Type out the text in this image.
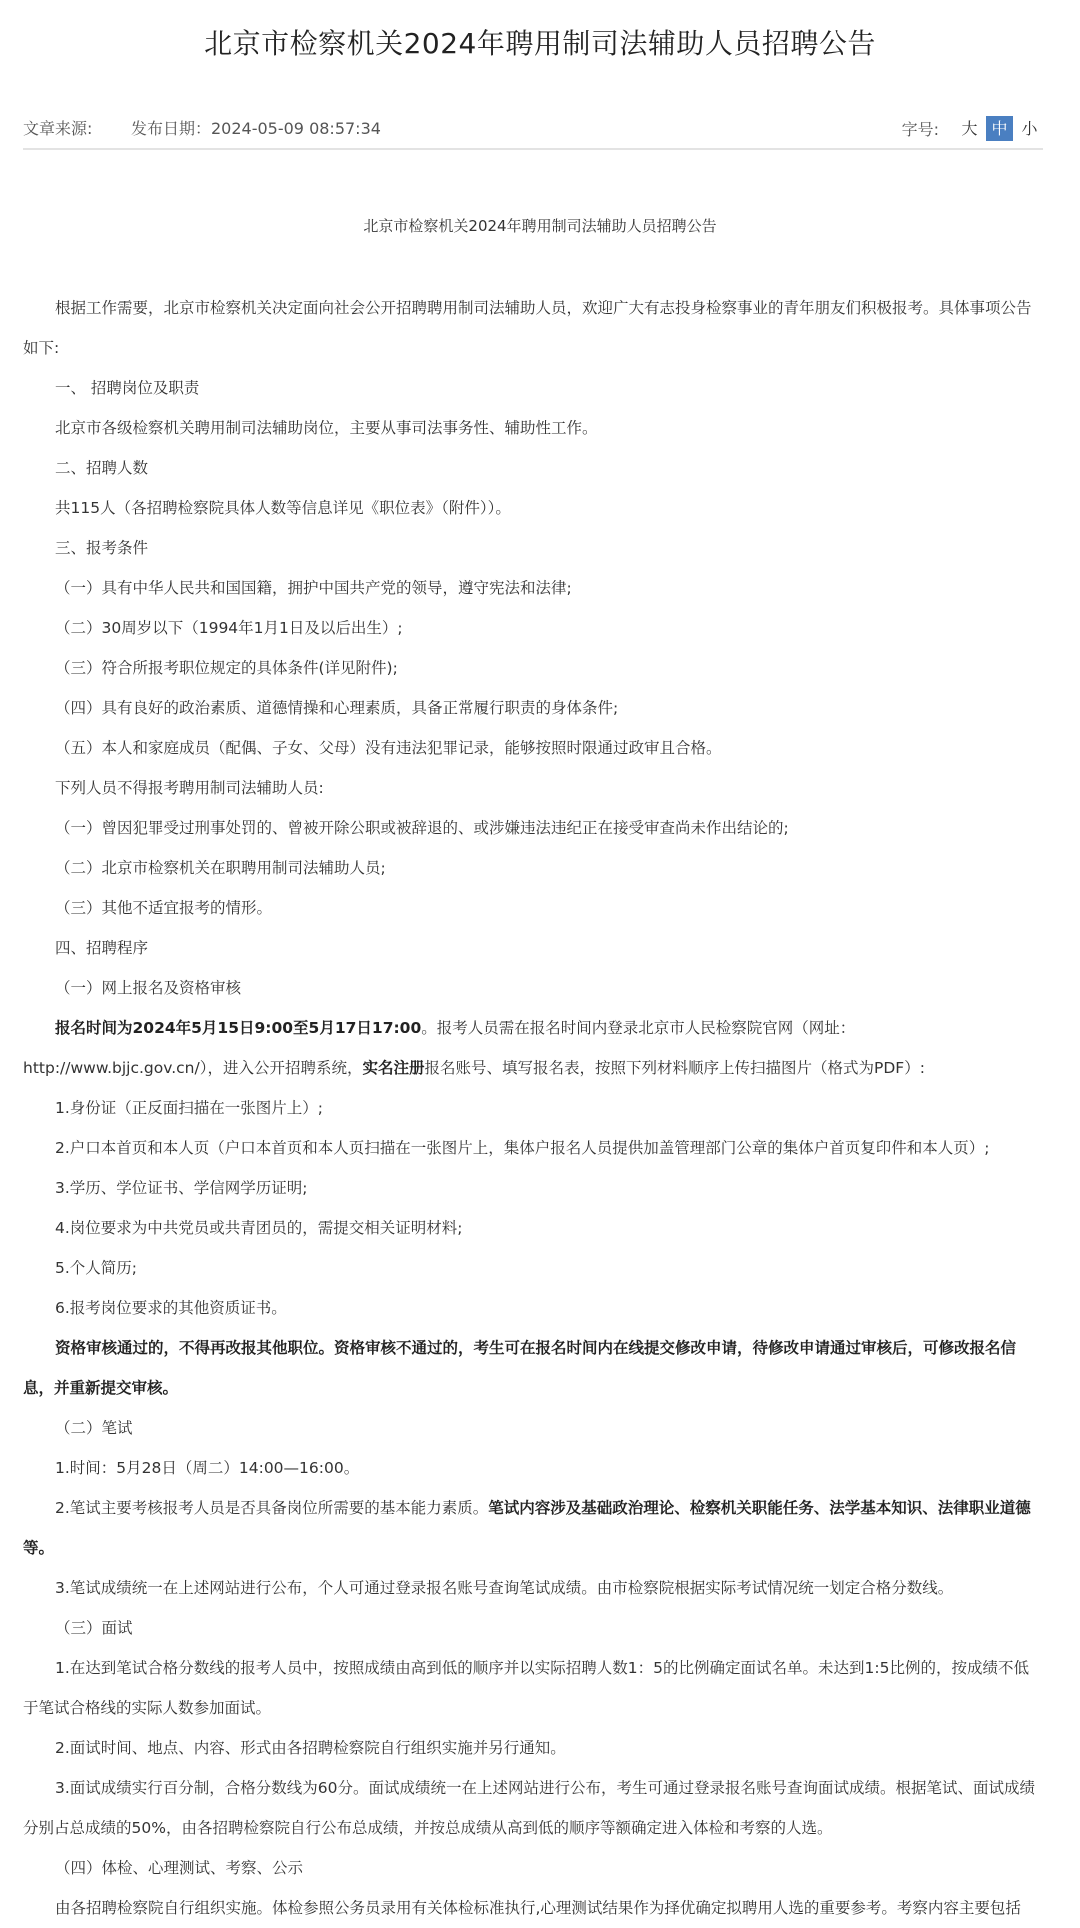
北京市检察机关2024年聘用制司法辅助人员招聘公告
文章来源: 发布日期：2024-05-09 08:57:34	字号:	大 中 小
北京市检察机关2024年聘用制司法辅助人员招聘公告

根据工作需要，北京市检察机关决定面向社会公开招聘聘用制司法辅助人员，欢迎广大有志投身检察事业的青年朋友们积极报考。具体事项公告如下:

一、 招聘岗位及职责

北京市各级检察机关聘用制司法辅助岗位，主要从事司法事务性、辅助性工作。

二、招聘人数

共115人（各招聘检察院具体人数等信息详见《职位表》（附件））。

三、报考条件

（一）具有中华人民共和国国籍，拥护中国共产党的领导，遵守宪法和法律;

（二）30周岁以下（1994年1月1日及以后出生）;

（三）符合所报考职位规定的具体条件(详见附件);

（四）具有良好的政治素质、道德情操和心理素质，具备正常履行职责的身体条件;

（五）本人和家庭成员（配偶、子女、父母）没有违法犯罪记录，能够按照时限通过政审且合格。

下列人员不得报考聘用制司法辅助人员:

（一）曾因犯罪受过刑事处罚的、曾被开除公职或被辞退的、或涉嫌违法违纪正在接受审查尚未作出结论的;

（二）北京市检察机关在职聘用制司法辅助人员;

（三）其他不适宜报考的情形。

四、招聘程序

（一）网上报名及资格审核

报名时间为2024年5月15日9:00至5月17日17:00。报考人员需在报名时间内登录北京市人民检察院官网（网址：http://www.bjjc.gov.cn/），进入公开招聘系统，实名注册报名账号、填写报名表，按照下列材料顺序上传扫描图片（格式为PDF）:

1.身份证（正反面扫描在一张图片上）;

2.户口本首页和本人页（户口本首页和本人页扫描在一张图片上，集体户报名人员提供加盖管理部门公章的集体户首页复印件和本人页）;

3.学历、学位证书、学信网学历证明;

4.岗位要求为中共党员或共青团员的，需提交相关证明材料;

5.个人简历;

6.报考岗位要求的其他资质证书。

资格审核通过的，不得再改报其他职位。资格审核不通过的，考生可在报名时间内在线提交修改申请，待修改申请通过审核后，可修改报名信息，并重新提交审核。

（二）笔试

1.时间：5月28日（周二）14:00—16:00。

2.笔试主要考核报考人员是否具备岗位所需要的基本能力素质。笔试内容涉及基础政治理论、检察机关职能任务、法学基本知识、法律职业道德等。

3.笔试成绩统一在上述网站进行公布，个人可通过登录报名账号查询笔试成绩。由市检察院根据实际考试情况统一划定合格分数线。

（三）面试

1.在达到笔试合格分数线的报考人员中，按照成绩由高到低的顺序并以实际招聘人数1：5的比例确定面试名单。未达到1:5比例的，按成绩不低于笔试合格线的实际人数参加面试。

2.面试时间、地点、内容、形式由各招聘检察院自行组织实施并另行通知。

3.面试成绩实行百分制，合格分数线为60分。面试成绩统一在上述网站进行公布，考生可通过登录报名账号查询面试成绩。根据笔试、面试成绩分别占总成绩的50%，由各招聘检察院自行公布总成绩，并按总成绩从高到低的顺序等额确定进入体检和考察的人选。

（四）体检、心理测试、考察、公示

由各招聘检察院自行组织实施。体检参照公务员录用有关体检标准执行,心理测试结果作为择优确定拟聘用人选的重要参考。考察内容主要包括
